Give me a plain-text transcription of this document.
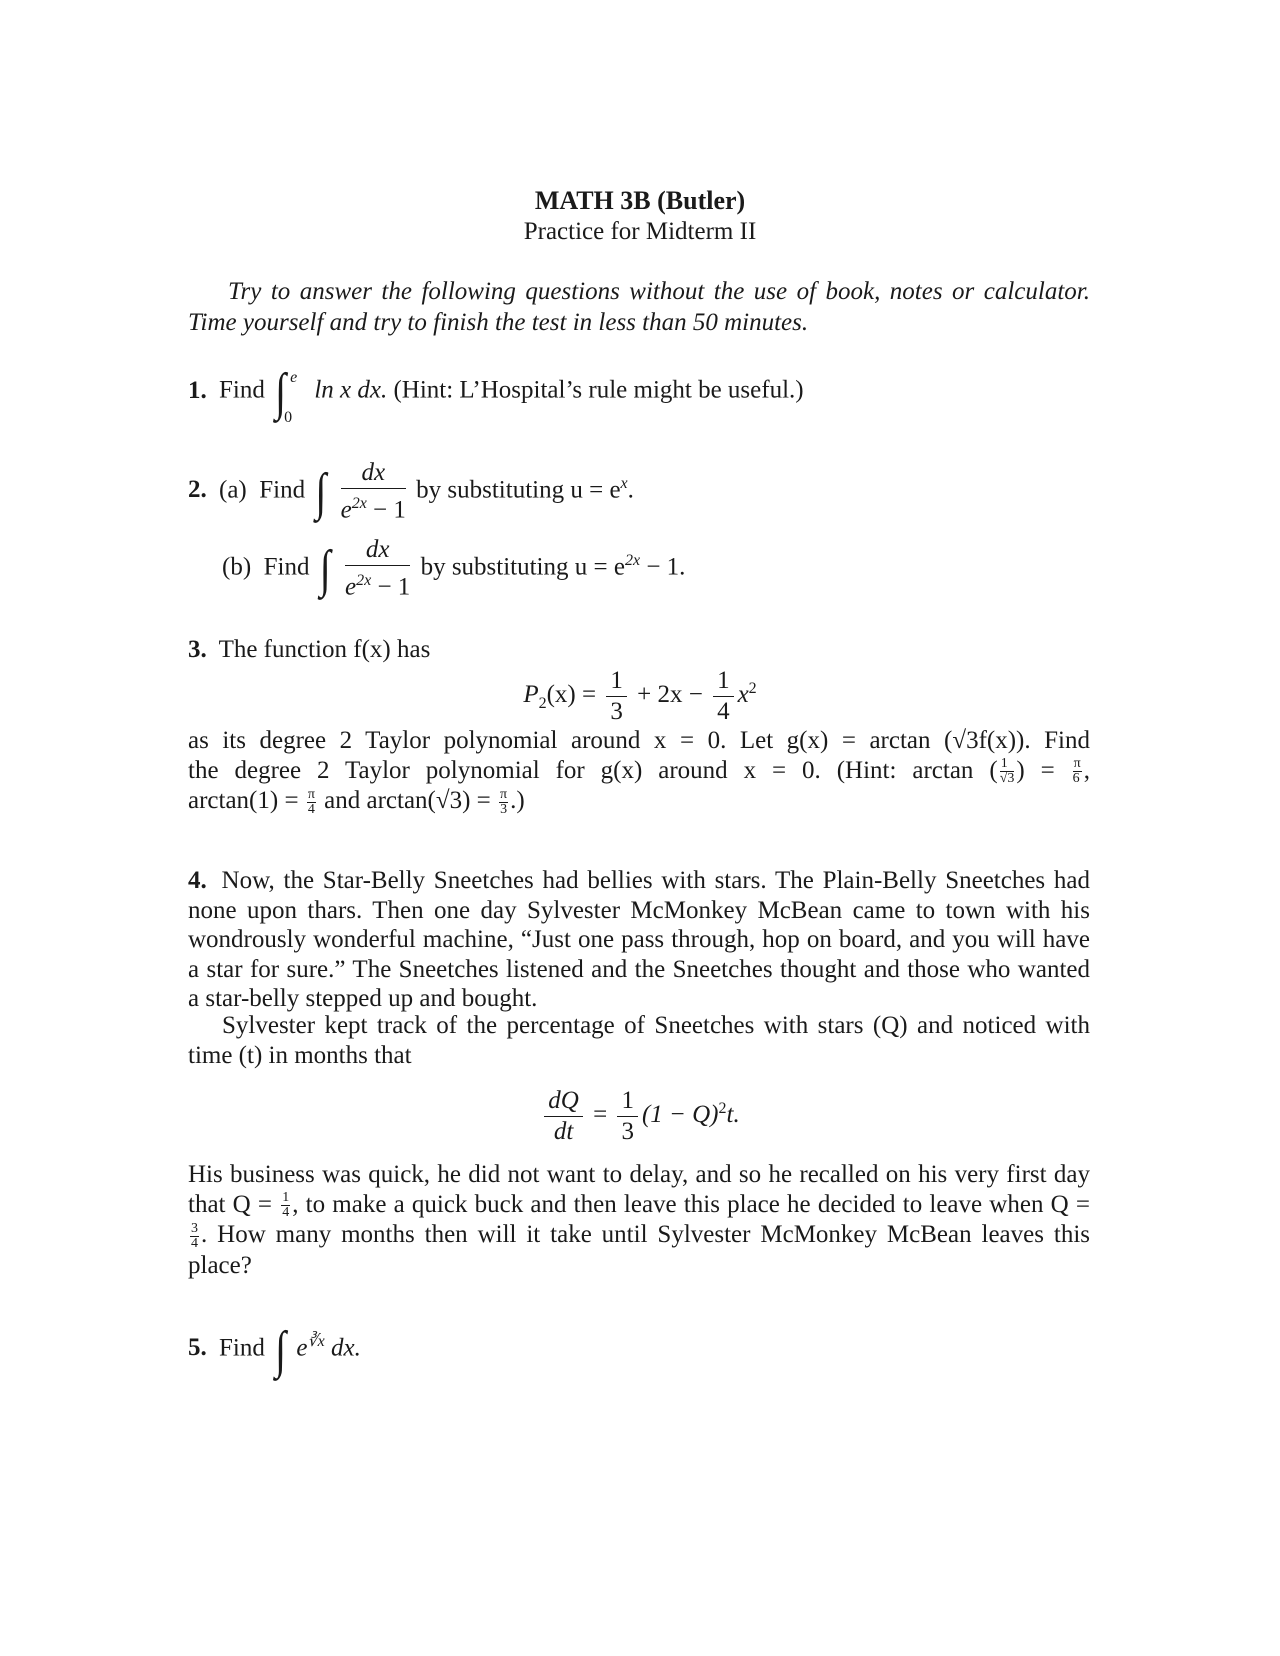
MATH 3B (Butler)
Practice for Midterm II
Try to answer the following questions without the use of book, notes or calculator. Time yourself and try to finish the test in less than 50 minutes.
1. Find ∫ e
0
ln x dx. (Hint: L’Hospital’s rule might be useful.)
2. (a) Find ∫ $\frac{dx}{e^{2x} - 1}$ by substituting $u = e^x$.
(b) Find ∫ $\frac{dx}{e^{2x} - 1}$ by substituting $u = e^{2x} - 1$.
3. The function f(x) has
$P_2(x) = \frac{1}{3} + 2x - \frac{1}{4} x^2$
as its degree 2 Taylor polynomial around x = 0. Let g(x) = arctan (√3f(x)). Find
the degree 2 Taylor polynomial for g(x) around x = 0. (Hint: arctan ( $\frac{1}{√3}$ ) = $\frac{\pi}{6}$ ,
$\arctan(1) = \frac{\pi}{4}$ and $\arctan(√3) = \frac{\pi}{3}$ .)
4. Now, the Star-Belly Sneetches had bellies with stars. The Plain-Belly Sneetches had none upon thars. Then one day Sylvester McMonkey McBean came to town with his wondrously wonderful machine, “Just one pass through, hop on board, and you will have a star for sure.” The Sneetches listened and the Sneetches thought and those who wanted a star-belly stepped up and bought.
Sylvester kept track of the percentage of Sneetches with stars (Q) and noticed with time (t) in months that
$\frac{dQ}{dt} = \frac{1}{3} (1 - Q)^2t$.
His business was quick, he did not want to delay, and so he recalled on his very first day that $Q = \frac{1}{4}$ , to make a quick buck and then leave this place he decided to leave when Q =
$\frac{3}{4}$ . How many months then will it take until Sylvester McMonkey McBean leaves this place?
5. Find ∫ $e^{∛x}$ dx.
